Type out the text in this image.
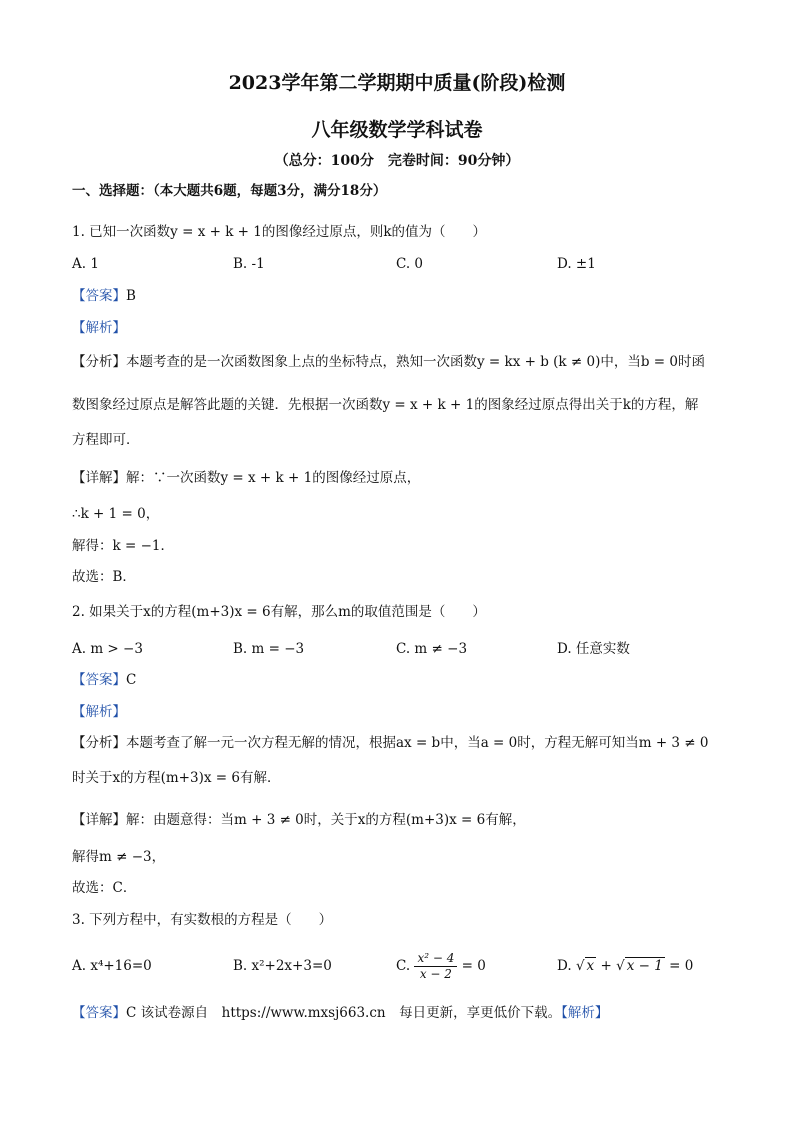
2023学年第二学期期中质量(阶段)检测
八年级数学学科试卷
（总分：100分　完卷时间：90分钟）
一、选择题：（本大题共6题，每题3分，满分18分）
1. 已知一次函数y = x + k + 1的图像经过原点，则k的值为（　　）
A. 1	B. -1	C. 0	D. ±1
【答案】B
【解析】
【分析】本题考查的是一次函数图象上点的坐标特点，熟知一次函数y = kx + b (k ≠ 0)中，当b = 0时函
数图象经过原点是解答此题的关键．先根据一次函数y = x + k + 1的图象经过原点得出关于k的方程，解
方程即可．
【详解】解：∵一次函数y = x + k + 1的图像经过原点，
∴k + 1 = 0，
解得：k = −1．
故选：B．
2. 如果关于x的方程(m+3)x = 6有解，那么m的取值范围是（　　）
A. m > −3	B. m = −3	C. m ≠ −3	D. 任意实数
【答案】C
【解析】
【分析】本题考查了解一元一次方程无解的情况，根据ax = b中，当a = 0时，方程无解可知当m + 3 ≠ 0
时关于x的方程(m+3)x = 6有解．
【详解】解：由题意得：当m + 3 ≠ 0时，关于x的方程(m+3)x = 6有解，
解得m ≠ −3，
故选：C．
3. 下列方程中，有实数根的方程是（　　）
A. x⁴+16=0	B. x²+2x+3=0	C. $\frac{\text{x² − 4}}{x - 2} = 0$	D. √ x + √ x − 1 = 0
【答案】C 该试卷源自　https://www.mxsj663.cn　每日更新，享更低价下载。【解析】
